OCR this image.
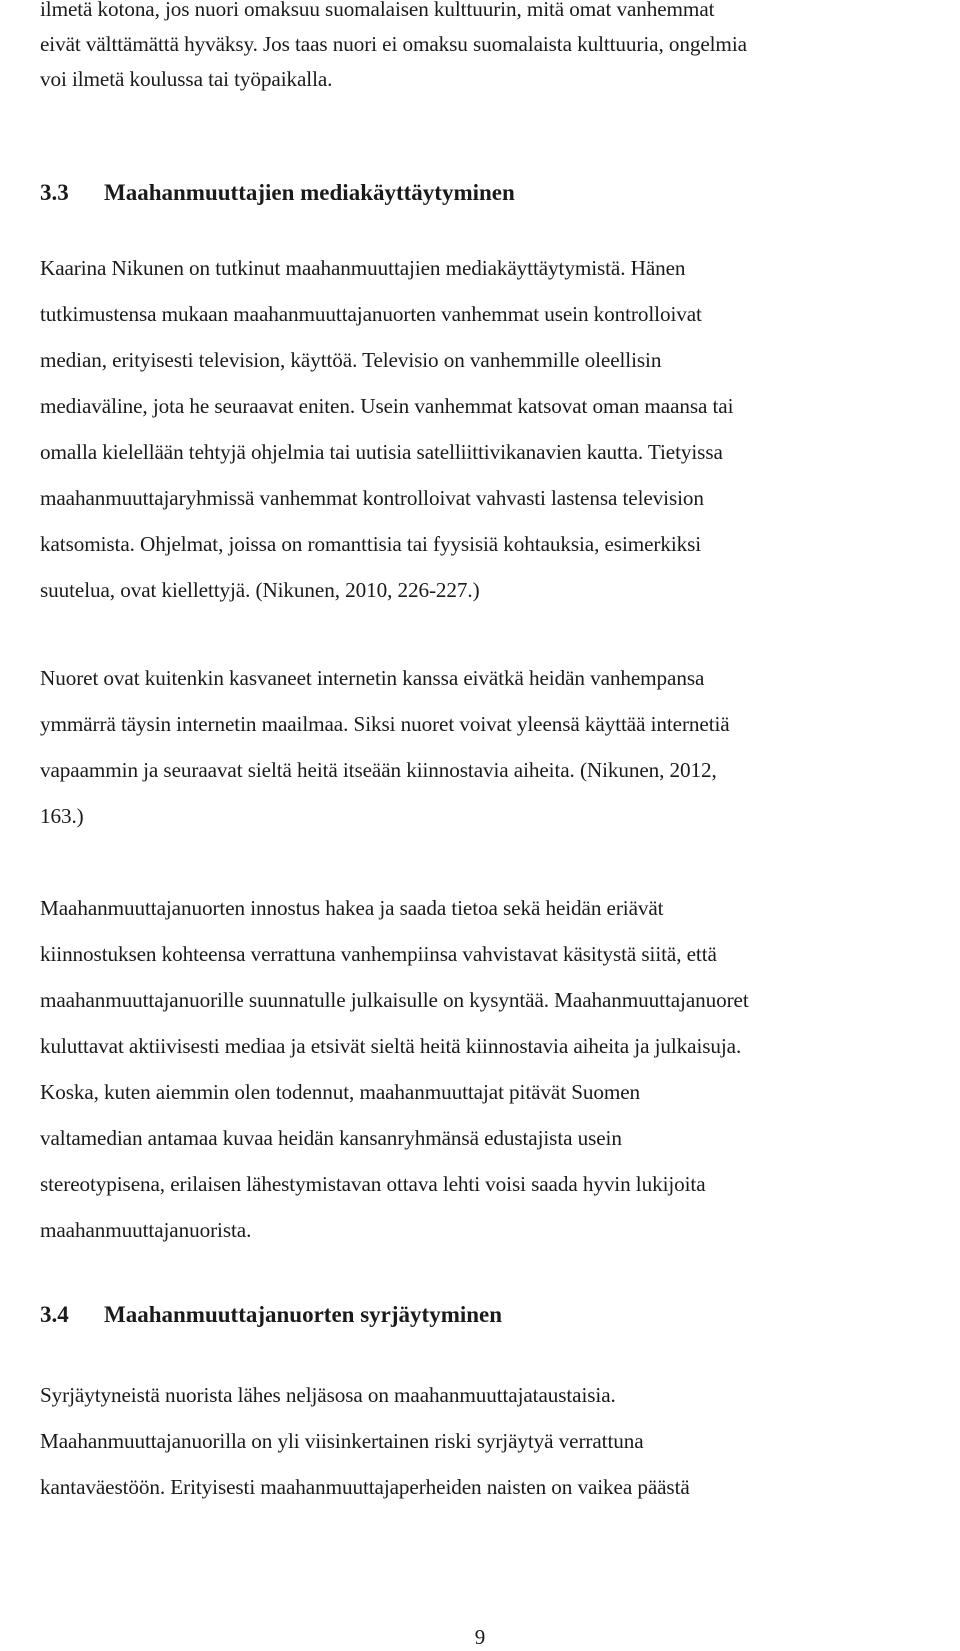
ilmetä kotona, jos nuori omaksuu suomalaisen kulttuurin, mitä omat vanhemmat
eivät välttämättä hyväksy. Jos taas nuori ei omaksu suomalaista kulttuuria, ongelmia
voi ilmetä koulussa tai työpaikalla.
3.3 Maahanmuuttajien mediakäyttäytyminen
Kaarina Nikunen on tutkinut maahanmuuttajien mediakäyttäytymistä. Hänen
tutkimustensa mukaan maahanmuuttajanuorten vanhemmat usein kontrolloivat
median, erityisesti television, käyttöä. Televisio on vanhemmille oleellisin
mediaväline, jota he seuraavat eniten. Usein vanhemmat katsovat oman maansa tai
omalla kielellään tehtyjä ohjelmia tai uutisia satelliittivikanavien kautta. Tietyissa
maahanmuuttajaryhmissä vanhemmat kontrolloivat vahvasti lastensa television
katsomista. Ohjelmat, joissa on romanttisia tai fyysisiä kohtauksia, esimerkiksi
suutelua, ovat kiellettyjä. (Nikunen, 2010, 226-227.)
Nuoret ovat kuitenkin kasvaneet internetin kanssa eivätkä heidän vanhempansa
ymmärrä täysin internetin maailmaa. Siksi nuoret voivat yleensä käyttää internetiä
vapaammin ja seuraavat sieltä heitä itseään kiinnostavia aiheita. (Nikunen, 2012,
163.)
Maahanmuuttajanuorten innostus hakea ja saada tietoa sekä heidän eriävät
kiinnostuksen kohteensa verrattuna vanhempiinsa vahvistavat käsitystä siitä, että
maahanmuuttajanuorille suunnatulle julkaisulle on kysyntää. Maahanmuuttajanuoret
kuluttavat aktiivisesti mediaa ja etsivät sieltä heitä kiinnostavia aiheita ja julkaisuja.
Koska, kuten aiemmin olen todennut, maahanmuuttajat pitävät Suomen
valtamedian antamaa kuvaa heidän kansanryhmänsä edustajista usein
stereotypisena, erilaisen lähestymistavan ottava lehti voisi saada hyvin lukijoita
maahanmuuttajanuorista.
3.4 Maahanmuuttajanuorten syrjäytyminen
Syrjäytyneistä nuorista lähes neljäsosa on maahanmuuttajataustaisia.
Maahanmuuttajanuorilla on yli viisinkertainen riski syrjäytyä verrattuna
kantaväestöön. Erityisesti maahanmuuttajaperheiden naisten on vaikea päästä
9
